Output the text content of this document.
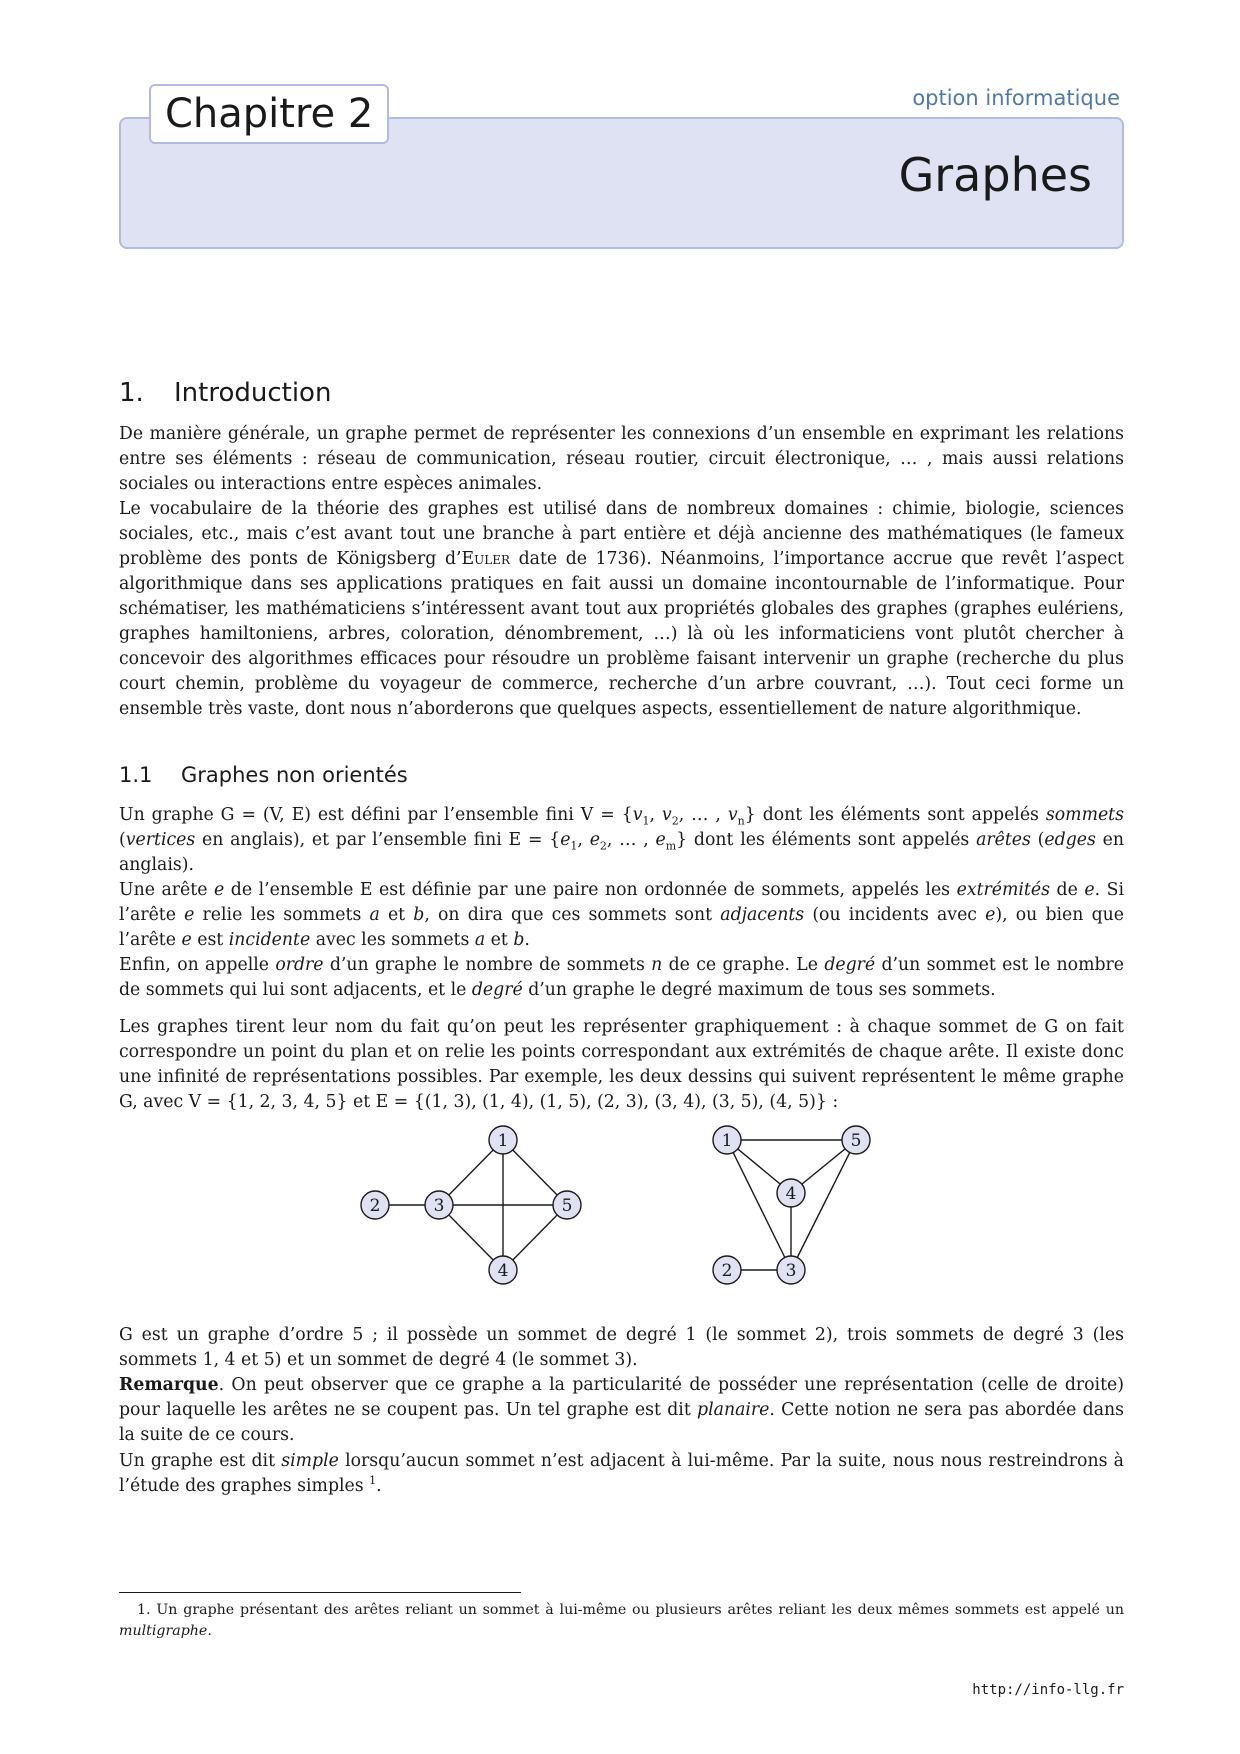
Chapitre 2	option informatique
Graphes
1. Introduction

De manière générale, un graphe permet de représenter les connexions d’un ensemble en exprimant les relations entre ses éléments : réseau de communication, réseau routier, circuit électronique, … , mais aussi relations sociales ou interactions entre espèces animales.

Le vocabulaire de la théorie des graphes est utilisé dans de nombreux domaines : chimie, biologie, sciences sociales, etc., mais c’est avant tout une branche à part entière et déjà ancienne des mathématiques (le fameux problème des ponts de Königsberg d’Euler date de 1736). Néanmoins, l’importance accrue que revêt l’aspect algorithmique dans ses applications pratiques en fait aussi un domaine incontournable de l’informatique. Pour schématiser, les mathématiciens s’intéressent avant tout aux propriétés globales des graphes (graphes eulériens, graphes hamiltoniens, arbres, coloration, dénombrement, …) là où les informaticiens vont plutôt chercher à concevoir des algorithmes efficaces pour résoudre un problème faisant intervenir un graphe (recherche du plus court chemin, problème du voyageur de commerce, recherche d’un arbre couvrant, …). Tout ceci forme un ensemble très vaste, dont nous n’aborderons que quelques aspects, essentiellement de nature algorithmique.

1.1 Graphes non orientés

Un graphe G = (V, E) est défini par l’ensemble fini $V = \{v_1$, $v_2$, … , $v_n$} dont les éléments sont appelés sommets (vertices en anglais), et par l’ensemble fini $E = \{e_1$, $e_2$, … , $e_m$} dont les éléments sont appelés arêtes (edges en anglais).

Une arête e de l’ensemble E est définie par une paire non ordonnée de sommets, appelés les extrémités de e. Si l’arête e relie les sommets a et b, on dira que ces sommets sont adjacents (ou incidents avec e), ou bien que l’arête e est incidente avec les sommets a et b.

Enfin, on appelle ordre d’un graphe le nombre de sommets n de ce graphe. Le degré d’un sommet est le nombre de sommets qui lui sont adjacents, et le degré d’un graphe le degré maximum de tous ses sommets.

Les graphes tirent leur nom du fait qu’on peut les représenter graphiquement : à chaque sommet de G on fait correspondre un point du plan et on relie les points correspondant aux extrémités de chaque arête. Il existe donc une infinité de représentations possibles. Par exemple, les deux dessins qui suivent représentent le même graphe G, avec V = {1, 2, 3, 4, 5} et E = {(1, 3), (1, 4), (1, 5), (2, 3), (3, 4), (3, 5), (4, 5)} :
1
2	3
4
5
1
2	3
4
5
G est un graphe d’ordre 5 ; il possède un sommet de degré 1 (le sommet 2), trois sommets de degré 3 (les sommets 1, 4 et 5) et un sommet de degré 4 (le sommet 3).

Remarque. On peut observer que ce graphe a la particularité de posséder une représentation (celle de droite) pour laquelle les arêtes ne se coupent pas. Un tel graphe est dit planaire. Cette notion ne sera pas abordée dans la suite de ce cours.

Un graphe est dit simple lorsqu’aucun sommet n’est adjacent à lui-même. Par la suite, nous nous restreindrons à l’étude des graphes simples $^1$.

1. Un graphe présentant des arêtes reliant un sommet à lui-même ou plusieurs arêtes reliant les deux mêmes sommets est appelé un multigraphe.
http://info-llg.fr
